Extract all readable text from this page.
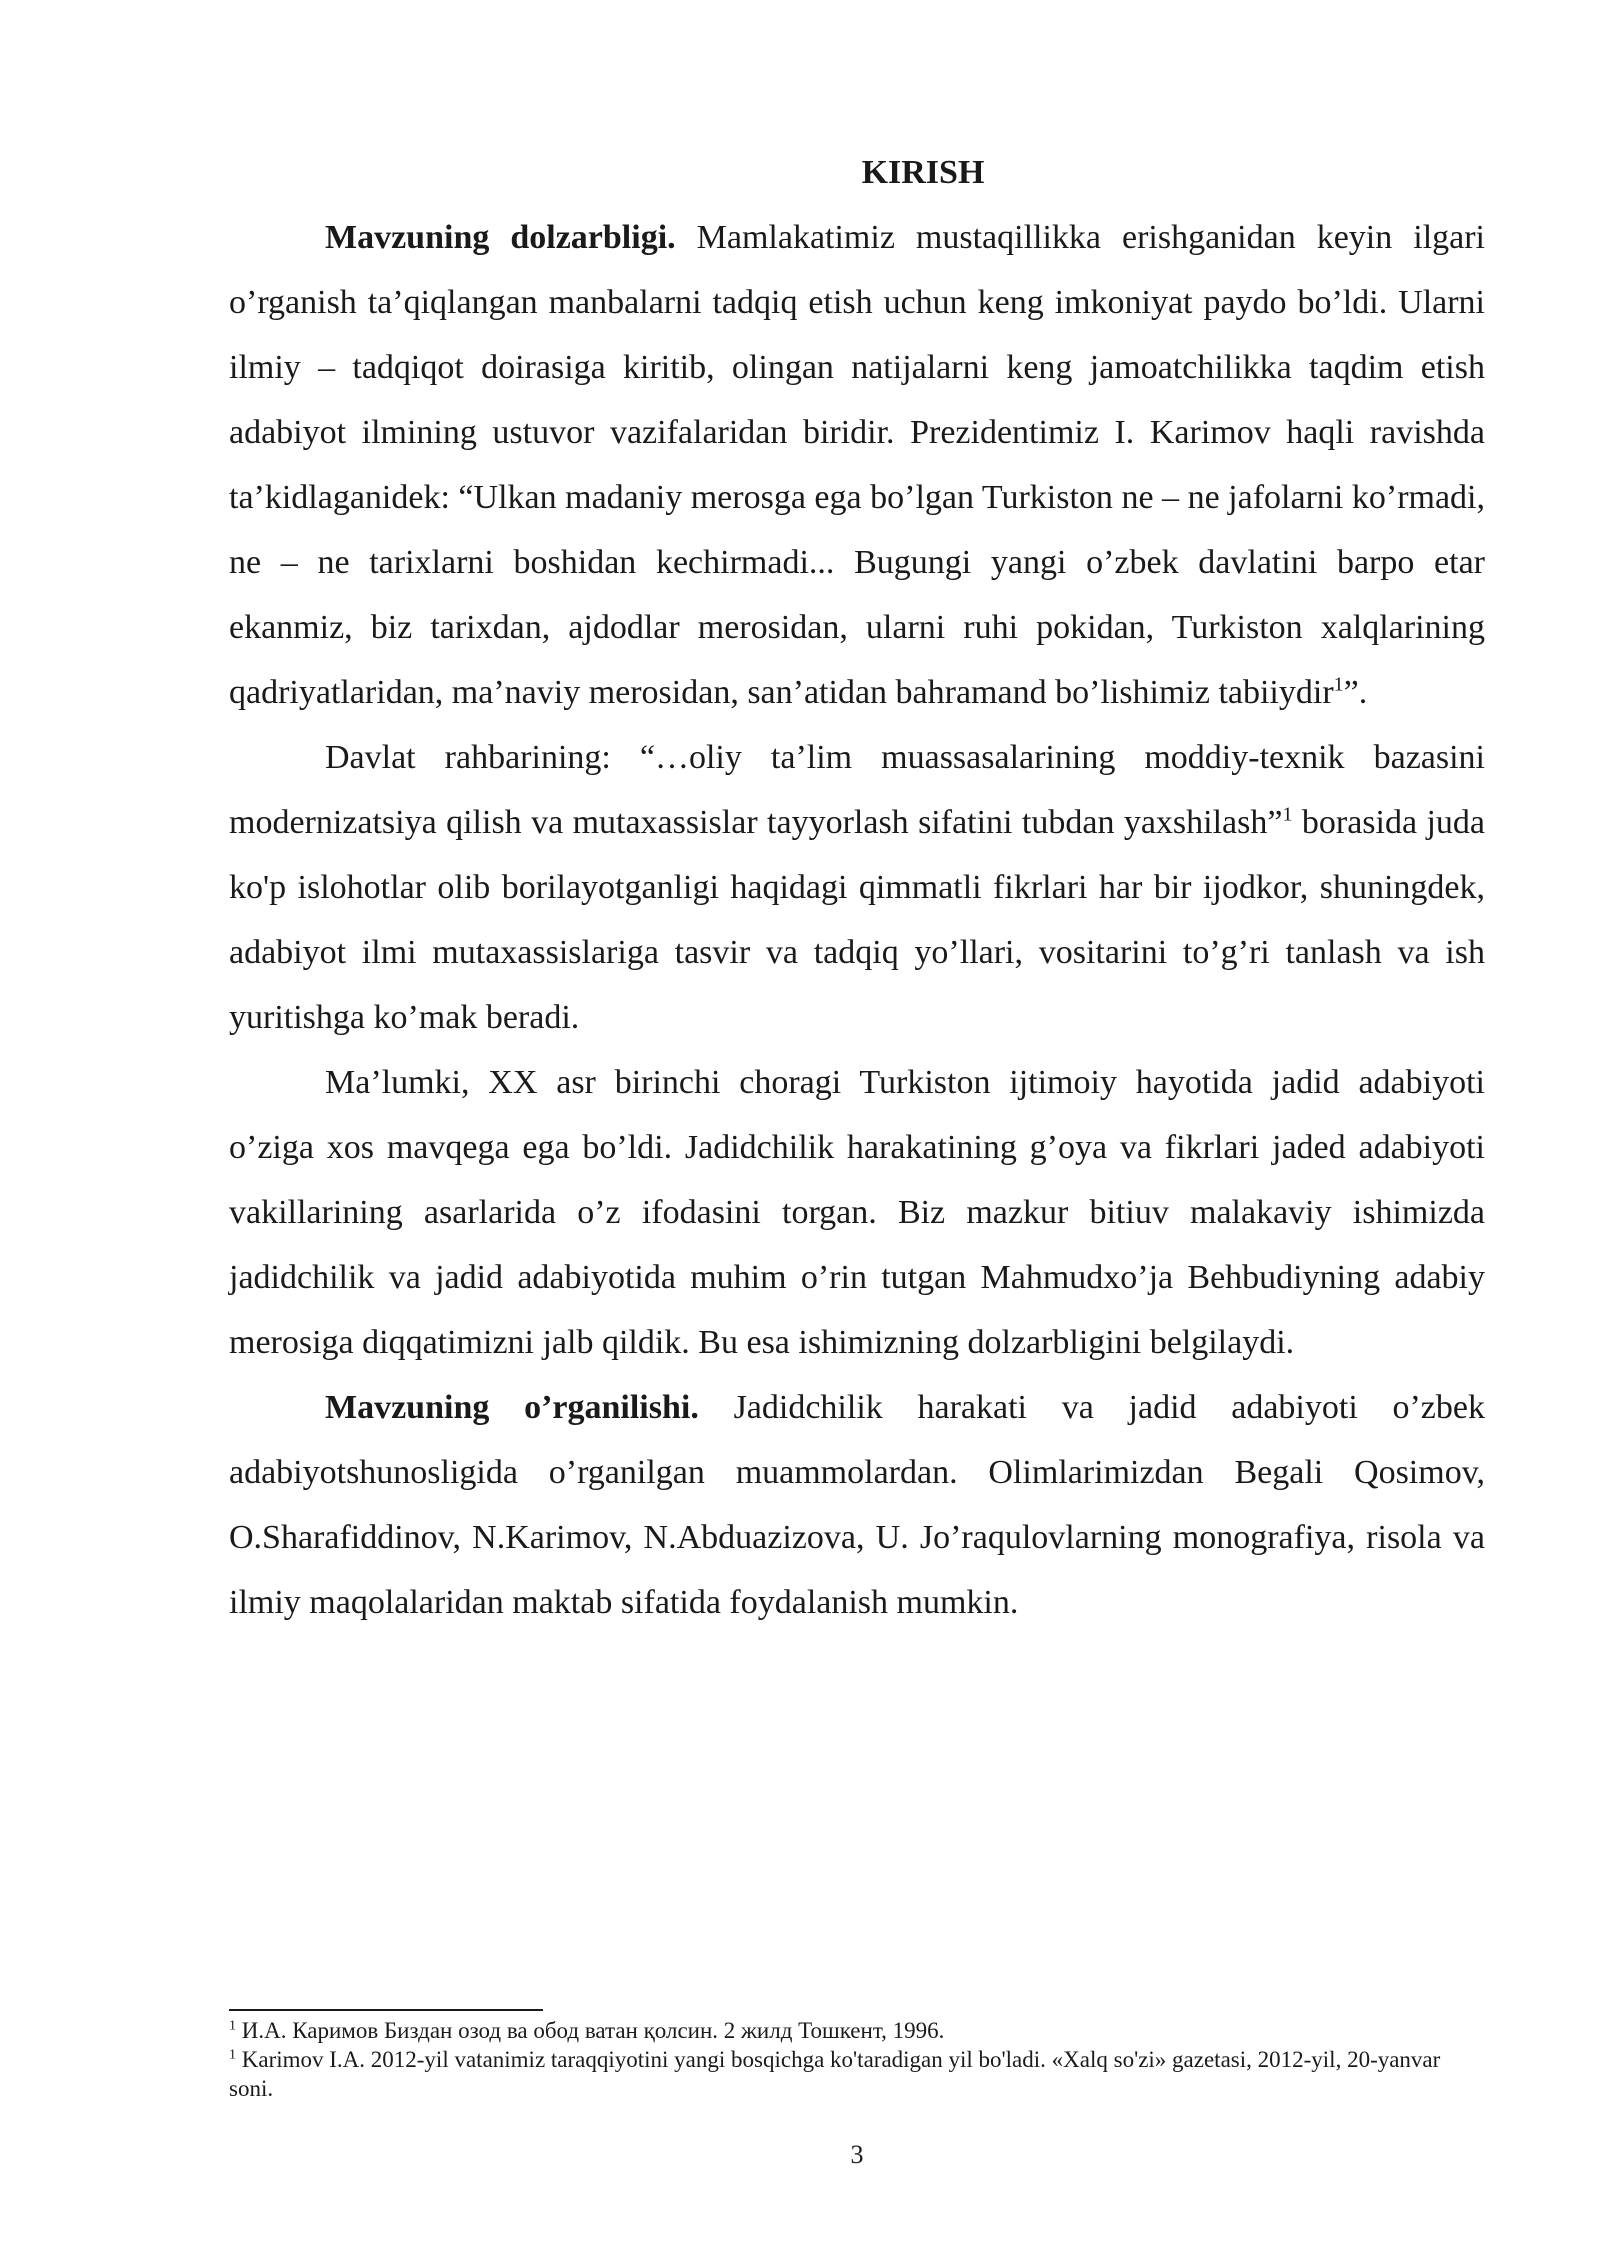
KIRISH

Mavzuning dolzarbligi. Mamlakatimiz mustaqillikka erishganidan keyin ilgari o’rganish ta’qiqlangan manbalarni tadqiq etish uchun keng imkoniyat paydo bo’ldi. Ularni ilmiy – tadqiqot doirasiga kiritib, olingan natijalarni keng jamoatchilikka taqdim etish adabiyot ilmining ustuvor vazifalaridan biridir. Prezidentimiz I. Karimov haqli ravishda ta’kidlaganidek: “Ulkan madaniy merosga ega bo’lgan Turkiston ne – ne jafolarni ko’rmadi, ne – ne tarixlarni boshidan kechirmadi... Bugungi yangi o’zbek davlatini barpo etar ekanmiz, biz tarixdan, ajdodlar merosidan, ularni ruhi pokidan, Turkiston xalqlarining qadriyatlaridan, ma’naviy merosidan, san’atidan bahramand bo’lishimiz tabiiydir$^1$”.

Davlat rahbarining: “…oliy ta’lim muassasalarining moddiy-texnik bazasini modernizatsiya qilish va mutaxassislar tayyorlash sifatini tubdan yaxshilash”$^1$ borasida juda ko'p islohotlar olib borilayotganligi haqidagi qimmatli fikrlari har bir ijodkor, shuningdek, adabiyot ilmi mutaxassislariga tasvir va tadqiq yo’llari, vositarini to’g’ri tanlash va ish yuritishga ko’mak beradi.

Ma’lumki, XX asr birinchi choragi Turkiston ijtimoiy hayotida jadid adabiyoti o’ziga xos mavqega ega bo’ldi. Jadidchilik harakatining g’oya va fikrlari jaded adabiyoti vakillarining asarlarida o’z ifodasini torgan. Biz mazkur bitiuv malakaviy ishimizda jadidchilik va jadid adabiyotida muhim o’rin tutgan Mahmudxo’ja Behbudiyning adabiy merosiga diqqatimizni jalb qildik. Bu esa ishimizning dolzarbligini belgilaydi.

Mavzuning o’rganilishi. Jadidchilik harakati va jadid adabiyoti o’zbek adabiyotshunosligida o’rganilgan muammolardan. Olimlarimizdan Begali Qosimov, O.Sharafiddinov, N.Karimov, N.Abduazizova, U. Jo’raqulovlarning monografiya, risola va ilmiy maqolalaridan maktab sifatida foydalanish mumkin.

$^1$ И.А. Каримов Биздан озод ва обод ватан қолсин. 2 жилд Тошкент, 1996.

$^1$ Karimov I.A. 2012-yil vatanimiz taraqqiyotini yangi bosqichga ko'taradigan yil bo'ladi. «Xalq so'zi» gazetasi, 2012-yil, 20-yanvar soni.

3
